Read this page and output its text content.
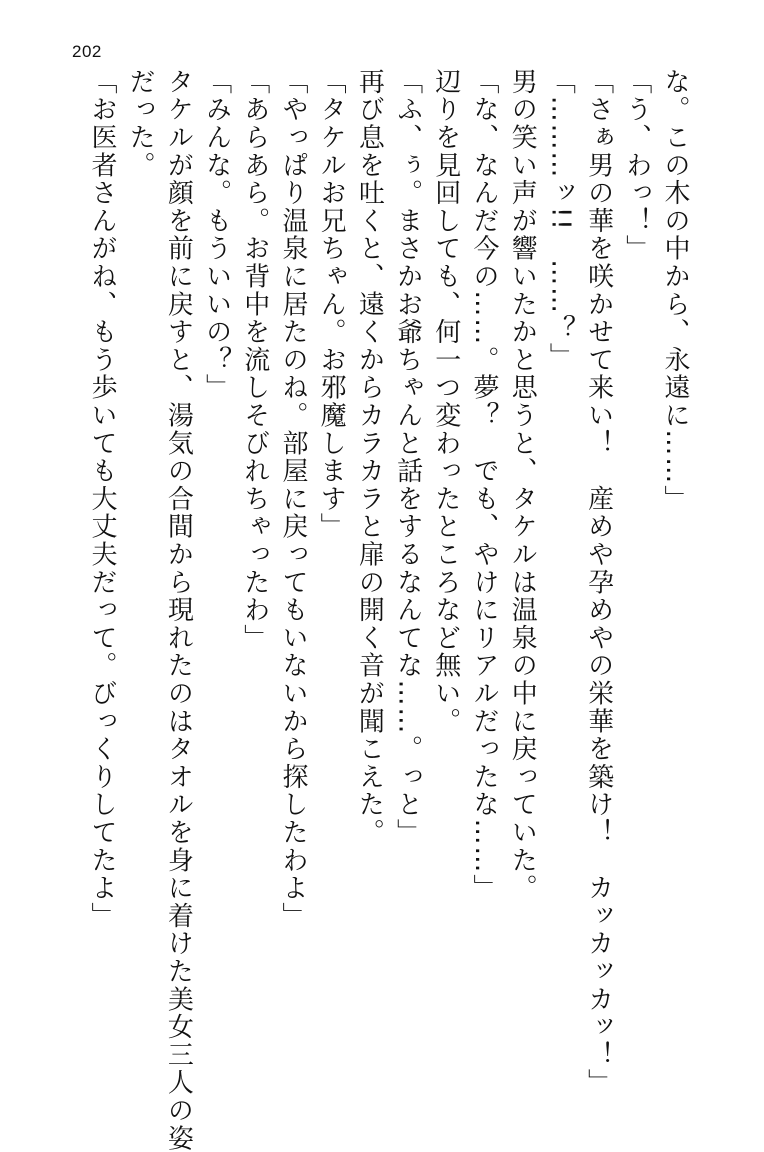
202
な。この木の中から、永遠に……」
「う、わっ！」
「さぁ男の華を咲かせて来い！　産めや孕めやの栄華を築け！　カッカッカッ！」
「………ッ!!　……？」
男の笑い声が響いたかと思うと、タケルは温泉の中に戻っていた。
「な、なんだ今の……。夢？　でも、やけにリアルだったな……」
辺りを見回しても、何一つ変わったところなど無い。
「ふ、ぅ。まさかお爺ちゃんと話をするなんてな……。っと」
再び息を吐くと、遠くからカラカラと扉の開く音が聞こえた。
「タケルお兄ちゃん。お邪魔します」
「やっぱり温泉に居たのね。部屋に戻ってもいないから探したわよ」
「あらあら。お背中を流しそびれちゃったわ」
「みんな。もういいの？」
タケルが顔を前に戻すと、湯気の合間から現れたのはタオルを身に着けた美女三人の姿
だった。
「お医者さんがね、もう歩いても大丈夫だって。びっくりしてたよ」
